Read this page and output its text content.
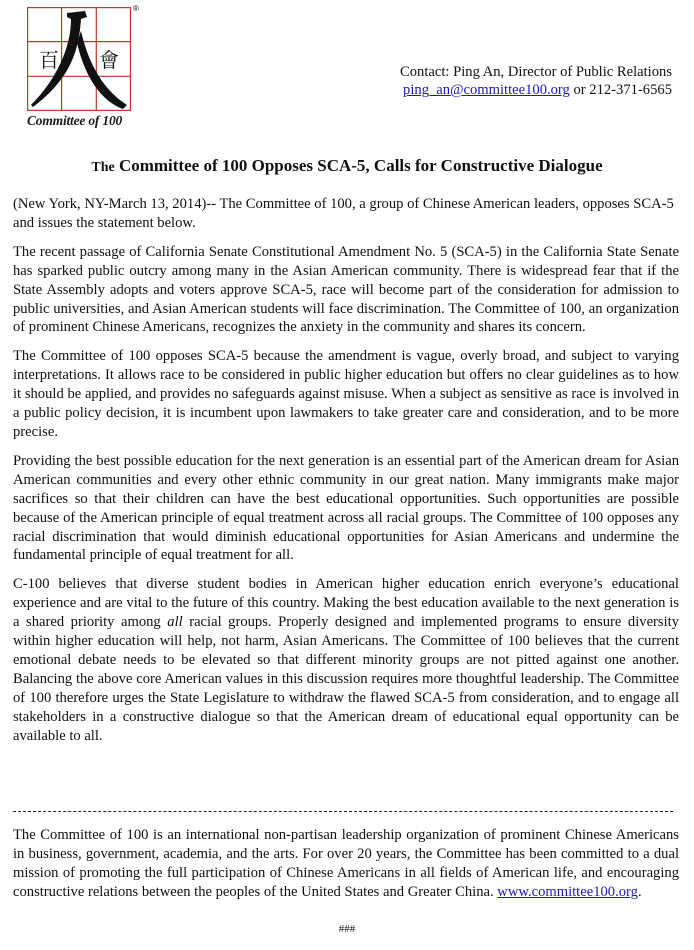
百 會
®
Committee of 100
Contact: Ping An, Director of Public Relations
ping_an@committee100.org or 212-371-6565
The Committee of 100 Opposes SCA-5, Calls for Constructive Dialogue

(New York, NY-March 13, 2014)-- The Committee of 100, a group of Chinese American leaders, opposes SCA-5 and issues the statement below.

The recent passage of California Senate Constitutional Amendment No. 5 (SCA-5) in the California State Senate has sparked public outcry among many in the Asian American community. There is widespread fear that if the State Assembly adopts and voters approve SCA-5, race will become part of the consideration for admission to public universities, and Asian American students will face discrimination. The Committee of 100, an organization of prominent Chinese Americans, recognizes the anxiety in the community and shares its concern.

The Committee of 100 opposes SCA-5 because the amendment is vague, overly broad, and subject to varying interpretations. It allows race to be considered in public higher education but offers no clear guidelines as to how it should be applied, and provides no safeguards against misuse. When a subject as sensitive as race is involved in a public policy decision, it is incumbent upon lawmakers to take greater care and consideration, and to be more precise.

Providing the best possible education for the next generation is an essential part of the American dream for Asian American communities and every other ethnic community in our great nation. Many immigrants make major sacrifices so that their children can have the best educational opportunities. Such opportunities are possible because of the American principle of equal treatment across all racial groups. The Committee of 100 opposes any racial discrimination that would diminish educational opportunities for Asian Americans and undermine the fundamental principle of equal treatment for all.

C-100 believes that diverse student bodies in American higher education enrich everyone’s educational experience and are vital to the future of this country. Making the best education available to the next generation is a shared priority among all racial groups. Properly designed and implemented programs to ensure diversity within higher education will help, not harm, Asian Americans. The Committee of 100 believes that the current emotional debate needs to be elevated so that different minority groups are not pitted against one another. Balancing the above core American values in this discussion requires more thoughtful leadership. The Committee of 100 therefore urges the State Legislature to withdraw the flawed SCA-5 from consideration, and to engage all stakeholders in a constructive dialogue so that the American dream of educational equal opportunity can be available to all.

The Committee of 100 is an international non-partisan leadership organization of prominent Chinese Americans in business, government, academia, and the arts. For over 20 years, the Committee has been committed to a dual mission of promoting the full participation of Chinese Americans in all fields of American life, and encouraging constructive relations between the peoples of the United States and Greater China. www.committee100.org.
###
